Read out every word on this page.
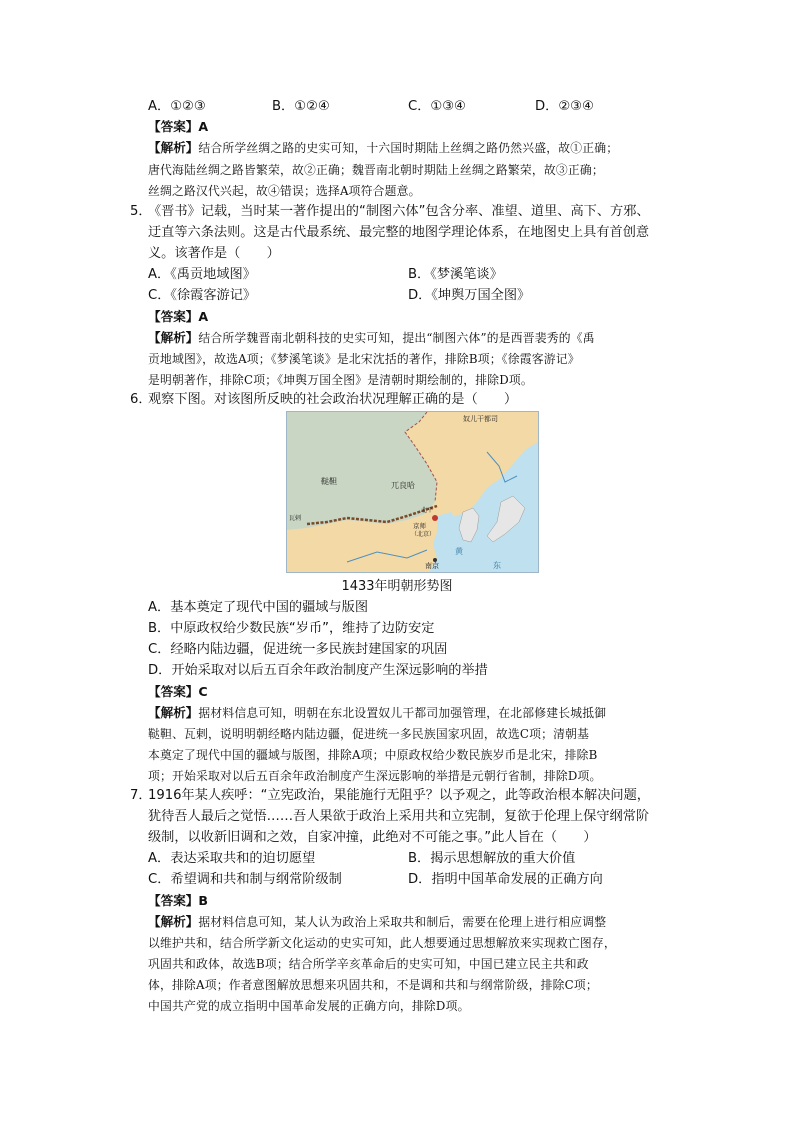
A．①②③	B．①②④	C．①③④	D．②③④
【答案】A
【解析】结合所学丝绸之路的史实可知，十六国时期陆上丝绸之路仍然兴盛，故①正确；
唐代海陆丝绸之路皆繁荣，故②正确；魏晋南北朝时期陆上丝绸之路繁荣，故③正确；
丝绸之路汉代兴起，故④错误；选择A项符合题意。
5．
《晋书》记载，当时某一著作提出的“制图六体”包含分率、准望、道里、高下、方邪、
迂直等六条法则。这是古代最系统、最完整的地图学理论体系，在地图史上具有首创意
义。该著作是（　　）
A．《禹贡地域图》	B．《梦溪笔谈》
C．《徐霞客游记》	D．《坤舆万国全图》
【答案】A
【解析】结合所学魏晋南北朝科技的史实可知，提出“制图六体”的是西晋裴秀的《禹
贡地域图》，故选A项；《梦溪笔谈》是北宋沈括的著作，排除B项；《徐霞客游记》
是明朝著作，排除C项；《坤舆万国全图》是清朝时期绘制的，排除D项。
6．
观察下图。对该图所反映的社会政治状况理解正确的是（　　）
奴儿干都司
鞑靼
瓦剌
兀良哈
北平
京师
（北京）
南京
黄
东
1433年明朝形势图
A．基本奠定了现代中国的疆域与版图
B．中原政权给少数民族“岁币”，维持了边防安定
C．经略内陆边疆，促进统一多民族封建国家的巩固
D．开始采取对以后五百余年政治制度产生深远影响的举措
【答案】C
【解析】据材料信息可知，明朝在东北设置奴儿干都司加强管理，在北部修建长城抵御
鞑靼、瓦剌，说明明朝经略内陆边疆，促进统一多民族国家巩固，故选C项；清朝基
本奠定了现代中国的疆域与版图，排除A项；中原政权给少数民族岁币是北宋，排除B
项；开始采取对以后五百余年政治制度产生深远影响的举措是元朝行省制，排除D项。
7．
1916年某人疾呼：“立宪政治，果能施行无阻乎？以予观之，此等政治根本解决问题，
犹待吾人最后之觉悟……吾人果欲于政治上采用共和立宪制，复欲于伦理上保守纲常阶
级制，以收新旧调和之效，自家冲撞，此绝对不可能之事。”此人旨在（　　）
A．表达采取共和的迫切愿望	B．揭示思想解放的重大价值
C．希望调和共和制与纲常阶级制	D．指明中国革命发展的正确方向
【答案】B
【解析】据材料信息可知，某人认为政治上采取共和制后，需要在伦理上进行相应调整
以维护共和，结合所学新文化运动的史实可知，此人想要通过思想解放来实现救亡图存，
巩固共和政体，故选B项；结合所学辛亥革命后的史实可知，中国已建立民主共和政
体，排除A项；作者意图解放思想来巩固共和，不是调和共和与纲常阶级，排除C项；
中国共产党的成立指明中国革命发展的正确方向，排除D项。
